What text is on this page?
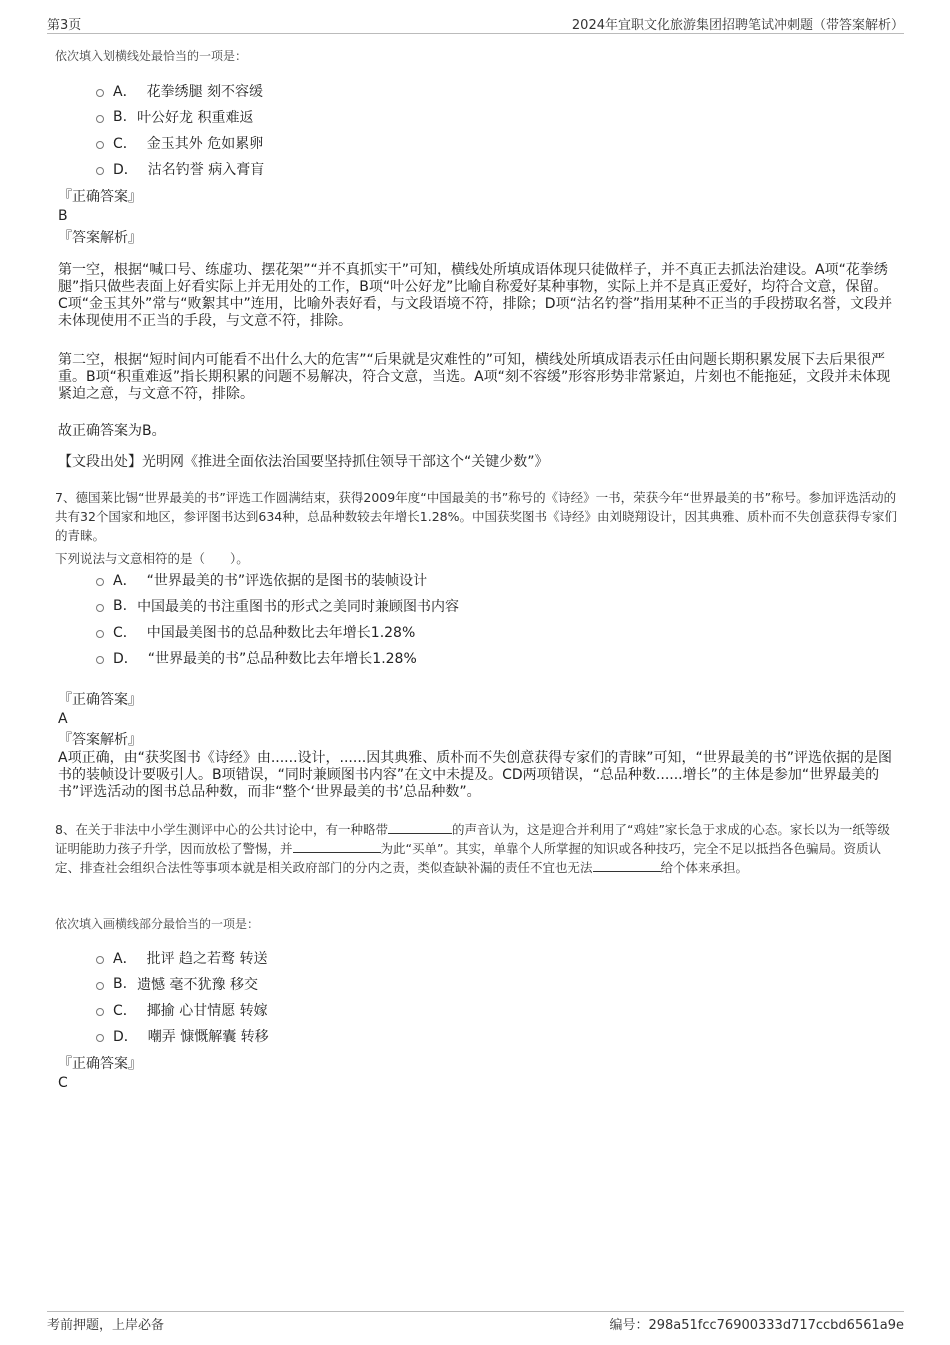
第3页	2024年宜职文化旅游集团招聘笔试冲刺题（带答案解析）
依次填入划横线处最恰当的一项是：
A． 花拳绣腿 刻不容缓
B. 叶公好龙 积重难返
C． 金玉其外 危如累卵
D． 沽名钓誉 病入膏肓
『正确答案』
B
『答案解析』
第一空，根据“喊口号、练虚功、摆花架”“并不真抓实干”可知，横线处所填成语体现只徒做样子，并不真正去抓法治建设。A项“花拳绣腿”指只做些表面上好看实际上并无用处的工作，B项“叶公好龙”比喻自称爱好某种事物，实际上并不是真正爱好，均符合文意，保留。C项“金玉其外”常与“败絮其中”连用，比喻外表好看，与文段语境不符，排除；D项“沽名钓誉”指用某种不正当的手段捞取名誉，文段并未体现使用不正当的手段，与文意不符，排除。
第二空，根据“短时间内可能看不出什么大的危害”“后果就是灾难性的”可知，横线处所填成语表示任由问题长期积累发展下去后果很严重。B项“积重难返”指长期积累的问题不易解决，符合文意，当选。A项“刻不容缓”形容形势非常紧迫，片刻也不能拖延，文段并未体现紧迫之意，与文意不符，排除。
故正确答案为B。
【文段出处】光明网《推进全面依法治国要坚持抓住领导干部这个“关键少数”》
7、德国莱比锡“世界最美的书”评选工作圆满结束，获得2009年度“中国最美的书”称号的《诗经》一书，荣获今年“世界最美的书”称号。参加评选活动的共有32个国家和地区，参评图书达到634种，总品种数较去年增长1.28%。中国获奖图书《诗经》由刘晓翔设计，因其典雅、质朴而不失创意获得专家们的青睐。
下列说法与文意相符的是（　　）。
A． “世界最美的书”评选依据的是图书的装帧设计
B. 中国最美的书注重图书的形式之美同时兼顾图书内容
C． 中国最美图书的总品种数比去年增长1.28%
D． “世界最美的书”总品种数比去年增长1.28%
『正确答案』
A
『答案解析』
A项正确，由“获奖图书《诗经》由......设计，......因其典雅、质朴而不失创意获得专家们的青睐”可知，“世界最美的书”评选依据的是图书的装帧设计要吸引人。B项错误，“同时兼顾图书内容”在文中未提及。CD两项错误，“总品种数......增长”的主体是参加“世界最美的书”评选活动的图书总品种数，而非“整个‘世界最美的书’总品种数”。
8、在关于非法中小学生测评中心的公共讨论中，有一种略带	的声音认为，这是迎合并利用了“鸡娃”家长急于求成的心态。家长以为一纸等级证明能助力孩子升学，因而放松了警惕，并	为此“买单”。其实，单靠个人所掌握的知识或各种技巧，完全不足以抵挡各色骗局。资质认定、排查社会组织合法性等事项本就是相关政府部门的分内之责，类似查缺补漏的责任不宜也无法	给个体来承担。
依次填入画横线部分最恰当的一项是：
A． 批评 趋之若鹜 转送
B. 遗憾 毫不犹豫 移交
C． 揶揄 心甘情愿 转嫁
D． 嘲弄 慷慨解囊 转移
『正确答案』
C
考前押题，上岸必备	编号：298a51fcc76900333d717ccbd6561a9e
